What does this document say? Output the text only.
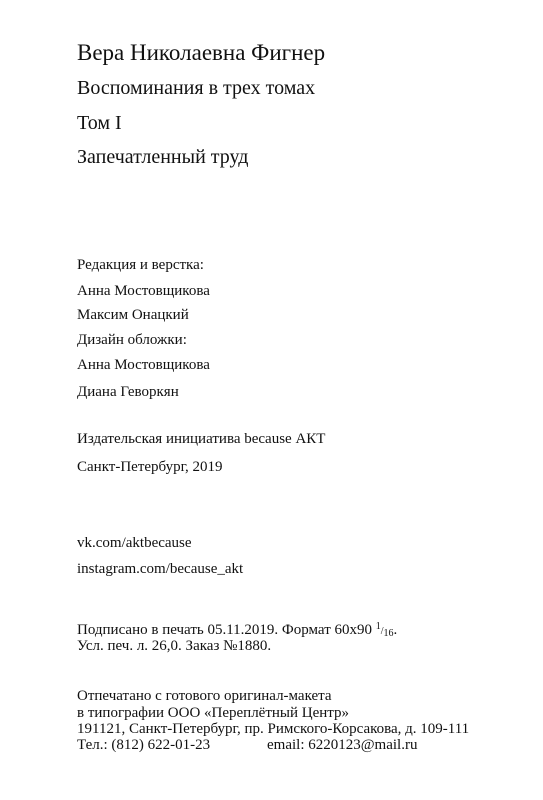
Вера Николаевна Фигнер
Воспоминания в трех томах
Том I
Запечатленный труд
Редакция и верстка:
Анна Мостовщикова
Максим Онацкий
Дизайн обложки:
Анна Мостовщикова
Диана Геворкян
Издательская инициатива because АКТ
Санкт-Петербург, 2019
vk.com/aktbecause
instagram.com/because_akt
Подписано в печать 05.11.2019. Формат 60х90 1/16.
Усл. печ. л. 26,0. Заказ №1880.
Отпечатано с готового оригинал-макета
в типографии ООО «Переплётный Центр»
191121, Санкт-Петербург, пр. Римского-Корсакова, д. 109-111
Тел.: (812) 622-01-23	email: 6220123@mail.ru
